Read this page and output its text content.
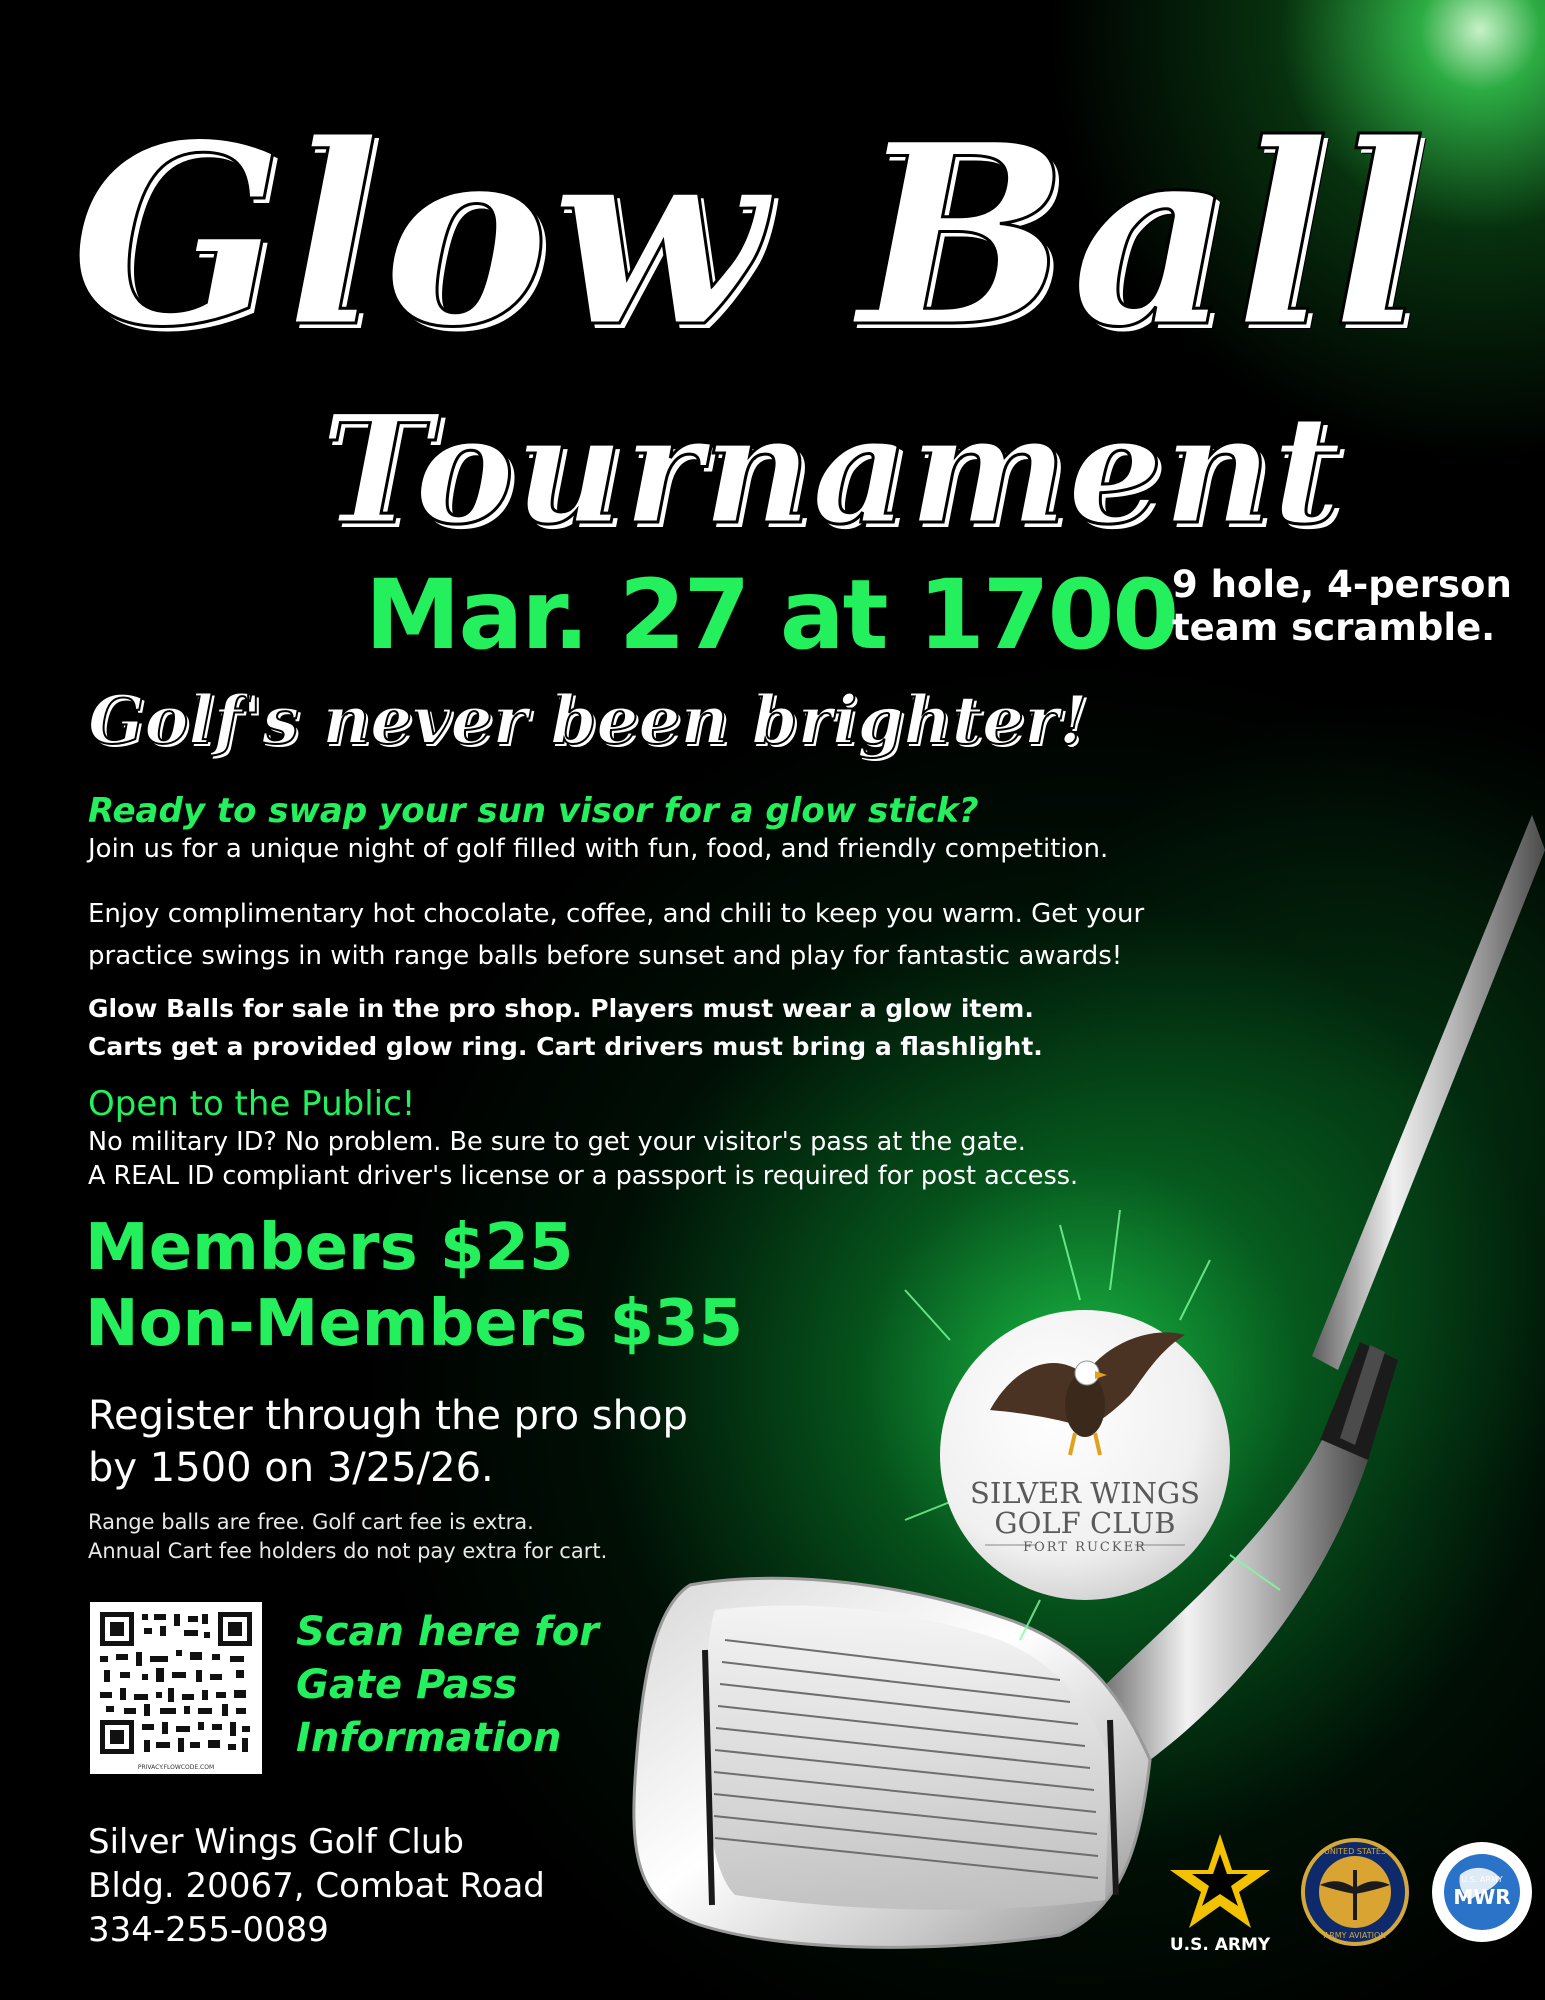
SILVER WINGS
GOLF CLUB
FORT RUCKER
Glow Ball
Tournament
Mar. 27 at 1700
9 hole, 4-person team scramble.
Golf's never been brighter!
Ready to swap your sun visor for a glow stick?
Join us for a unique night of golf filled with fun, food, and friendly competition.
Enjoy complimentary hot chocolate, coffee, and chili to keep you warm. Get your
practice swings in with range balls before sunset and play for fantastic awards!
Glow Balls for sale in the pro shop. Players must wear a glow item.
Carts get a provided glow ring. Cart drivers must bring a flashlight.
Open to the Public!
No military ID? No problem. Be sure to get your visitor's pass at the gate.
A REAL ID compliant driver's license or a passport is required for post access.
Members $25
Non-Members $35
Register through the pro shop
by 1500 on 3/25/26.
Range balls are free. Golf cart fee is extra.
Annual Cart fee holders do not pay extra for cart.
PRIVACY.FLOWCODE.COM
Scan here for
Gate Pass
Information
Silver Wings Golf Club
Bldg. 20067, Combat Road
334-255-0089	U.S. ARMY
UNITED STATES
ARMY AVIATION
U.S. ARMY
MWR
